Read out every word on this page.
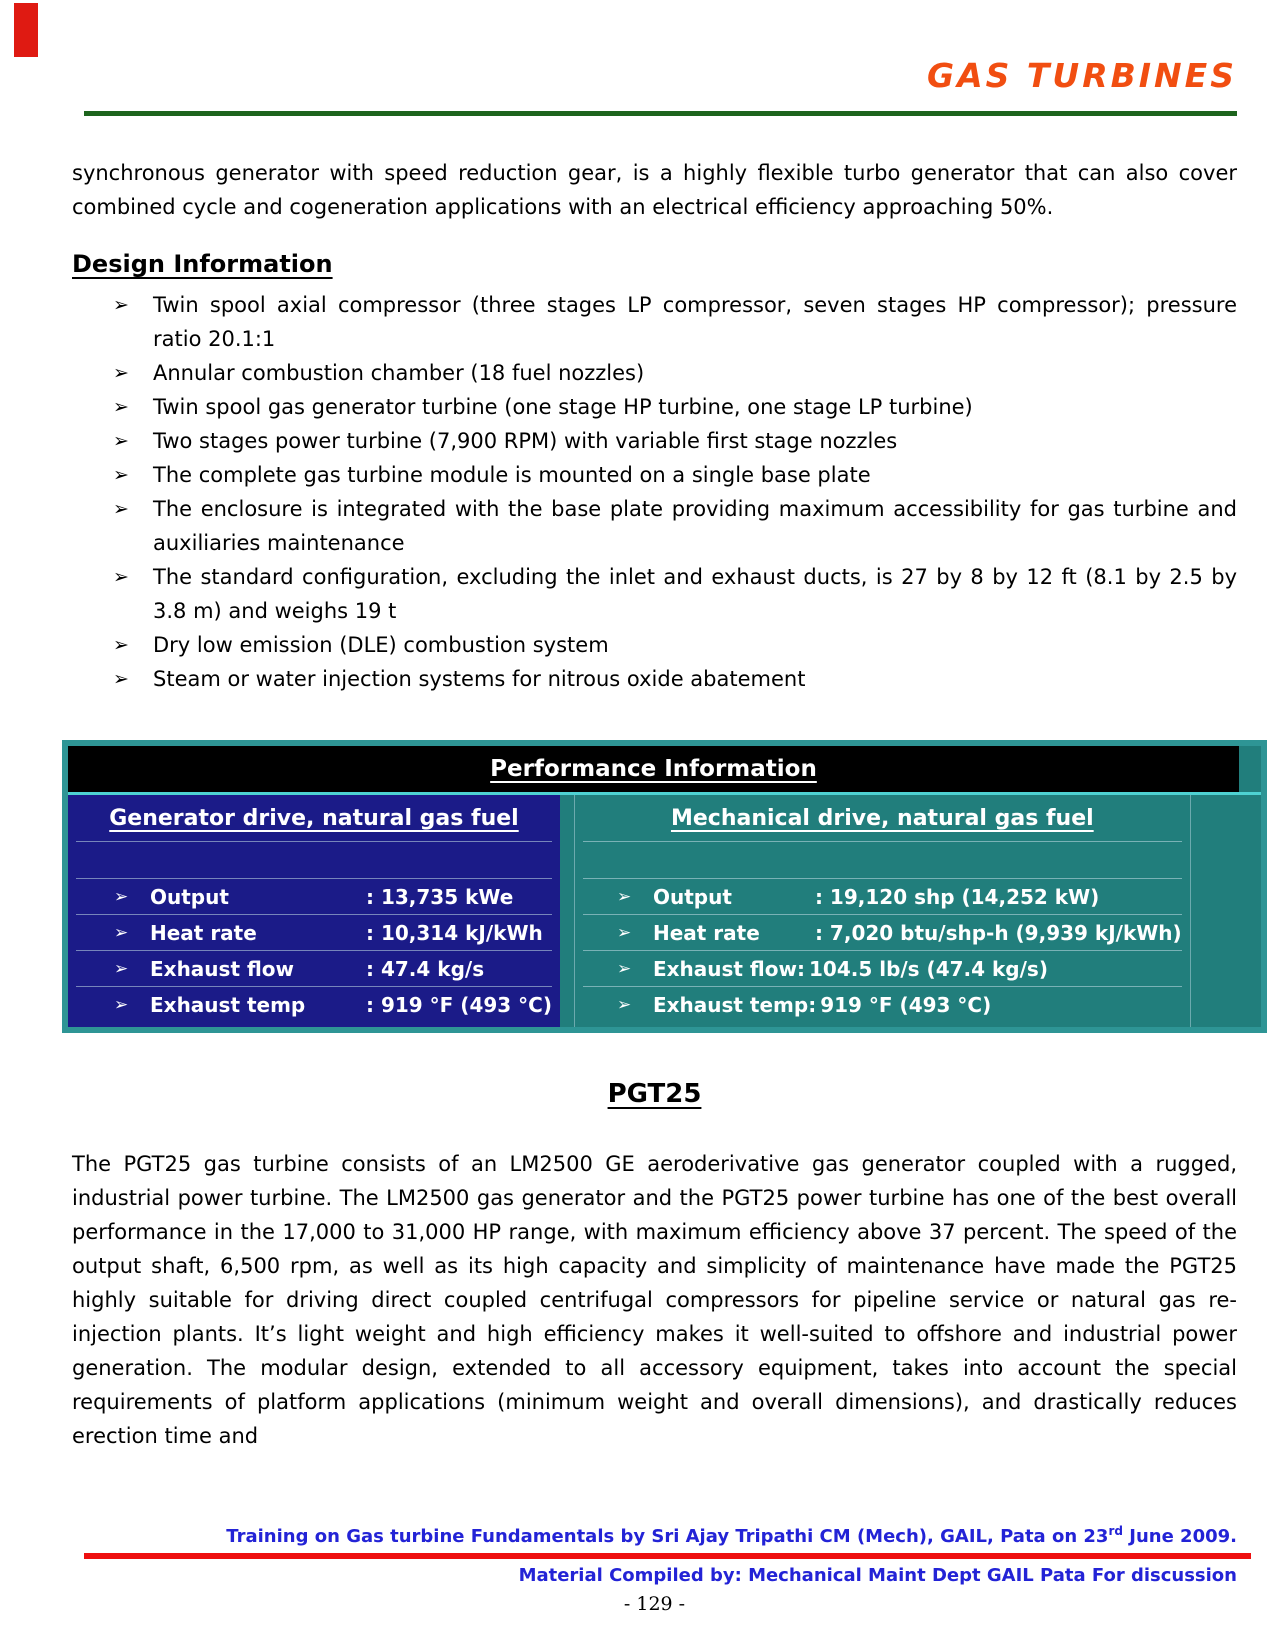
GAS TURBINES
synchronous generator with speed reduction gear, is a highly flexible turbo generator that can also cover combined cycle and cogeneration applications with an electrical efficiency approaching 50%.
Design Information
➢ Twin spool axial compressor (three stages LP compressor, seven stages HP compressor); pressure ratio 20.1:1
➢ Annular combustion chamber (18 fuel nozzles)
➢ Twin spool gas generator turbine (one stage HP turbine, one stage LP turbine)
➢ Two stages power turbine (7,900 RPM) with variable first stage nozzles
➢ The complete gas turbine module is mounted on a single base plate
➢ The enclosure is integrated with the base plate providing maximum accessibility for gas turbine and auxiliaries maintenance
➢ The standard configuration, excluding the inlet and exhaust ducts, is 27 by 8 by 12 ft (8.1 by 2.5 by 3.8 m) and weighs 19 t
➢ Dry low emission (DLE) combustion system
➢ Steam or water injection systems for nitrous oxide abatement
Performance Information
Generator drive, natural gas fuel
➢	Output	: 13,735 kWe
➢	Heat rate	: 10,314 kJ/kWh
➢	Exhaust flow	: 47.4 kg/s
➢	Exhaust temp	: 919 °F (493 °C)
Mechanical drive, natural gas fuel
➢	Output	: 19,120 shp (14,252 kW)
➢	Heat rate	: 7,020 btu/shp-h (9,939 kJ/kWh)
➢	Exhaust flow: 104.5 lb/s (47.4 kg/s)
➢	Exhaust temp: 919 °F (493 °C)
PGT25
The PGT25 gas turbine consists of an LM2500 GE aeroderivative gas generator coupled with a rugged, industrial power turbine. The LM2500 gas generator and the PGT25 power turbine has one of the best overall performance in the 17,000 to 31,000 HP range, with maximum efficiency above 37 percent. The speed of the output shaft, 6,500 rpm, as well as its high capacity and simplicity of maintenance have made the PGT25 highly suitable for driving direct coupled centrifugal compressors for pipeline service or natural gas re-injection plants. It’s light weight and high efficiency makes it well-suited to offshore and industrial power generation. The modular design, extended to all accessory equipment, takes into account the special requirements of platform applications (minimum weight and overall dimensions), and drastically reduces erection time and
Training on Gas turbine Fundamentals by Sri Ajay Tripathi CM (Mech), GAIL, Pata on 23rd June 2009.
Material Compiled by: Mechanical Maint Dept GAIL Pata For discussion
- 129 -
